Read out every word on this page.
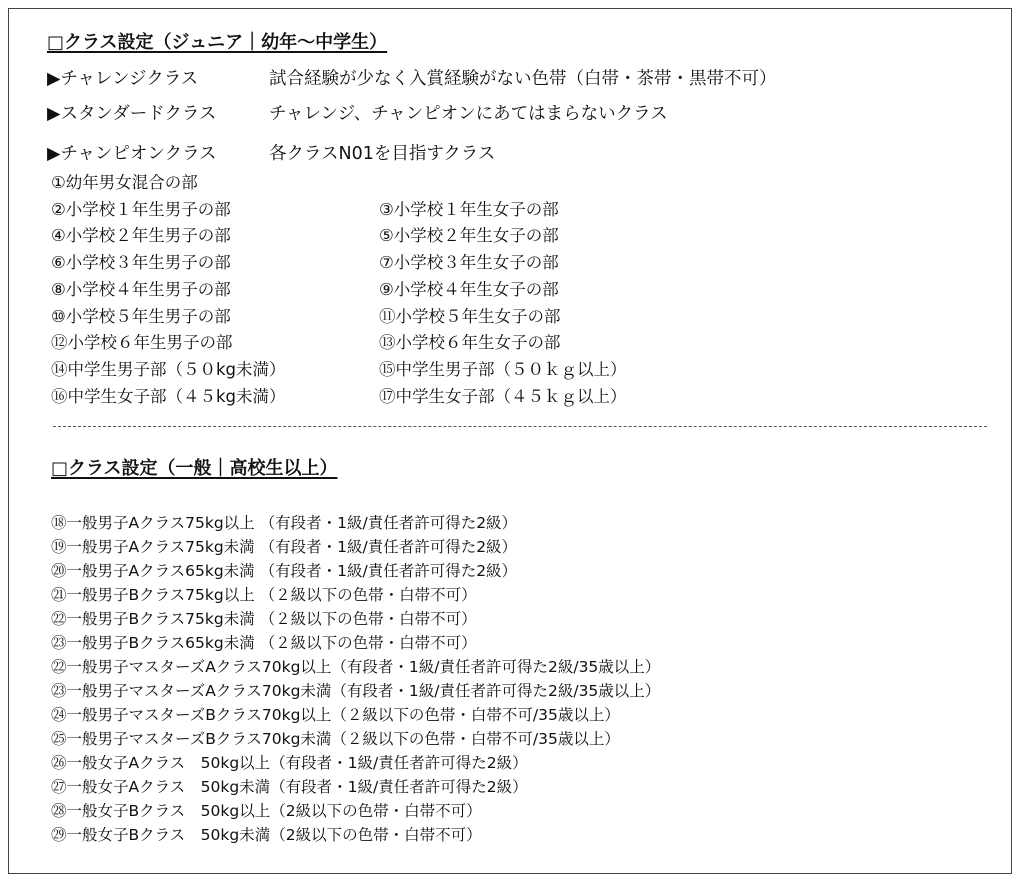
□クラス設定（ジュニア｜幼年～中学生）
▶チャレンジクラス	試合経験が少なく入賞経験がない色帯（白帯・茶帯・黒帯不可）
▶スタンダードクラス	チャレンジ、チャンピオンにあてはまらないクラス
▶チャンピオンクラス	各クラスN01を目指すクラス
①幼年男女混合の部
②小学校１年生男子の部	③小学校１年生女子の部
④小学校２年生男子の部	⑤小学校２年生女子の部
⑥小学校３年生男子の部	⑦小学校３年生女子の部
⑧小学校４年生男子の部	⑨小学校４年生女子の部
⑩小学校５年生男子の部	⑪小学校５年生女子の部
⑫小学校６年生男子の部	⑬小学校６年生女子の部
⑭中学生男子部（５０kg未満）	⑮中学生男子部（５０ｋｇ以上）
⑯中学生女子部（４５kg未満）	⑰中学生女子部（４５ｋｇ以上）
□クラス設定（一般｜高校生以上）
⑱一般男子Aクラス75kg以上 （有段者・1級/責任者許可得た2級）
⑲一般男子Aクラス75kg未満 （有段者・1級/責任者許可得た2級）
⑳一般男子Aクラス65kg未満 （有段者・1級/責任者許可得た2級）
㉑一般男子Bクラス75kg以上 （２級以下の色帯・白帯不可）
㉒一般男子Bクラス75kg未満 （２級以下の色帯・白帯不可）
㉓一般男子Bクラス65kg未満 （２級以下の色帯・白帯不可）
㉒一般男子マスターズAクラス70kg以上（有段者・1級/責任者許可得た2級/35歳以上）
㉓一般男子マスターズAクラス70kg未満（有段者・1級/責任者許可得た2級/35歳以上）
㉔一般男子マスターズBクラス70kg以上（２級以下の色帯・白帯不可/35歳以上）
㉕一般男子マスターズBクラス70kg未満（２級以下の色帯・白帯不可/35歳以上）
㉖一般女子Aクラス　50kg以上（有段者・1級/責任者許可得た2級）
㉗一般女子Aクラス　50kg未満（有段者・1級/責任者許可得た2級）
㉘一般女子Bクラス　50kg以上（2級以下の色帯・白帯不可）
㉙一般女子Bクラス　50kg未満（2級以下の色帯・白帯不可）
